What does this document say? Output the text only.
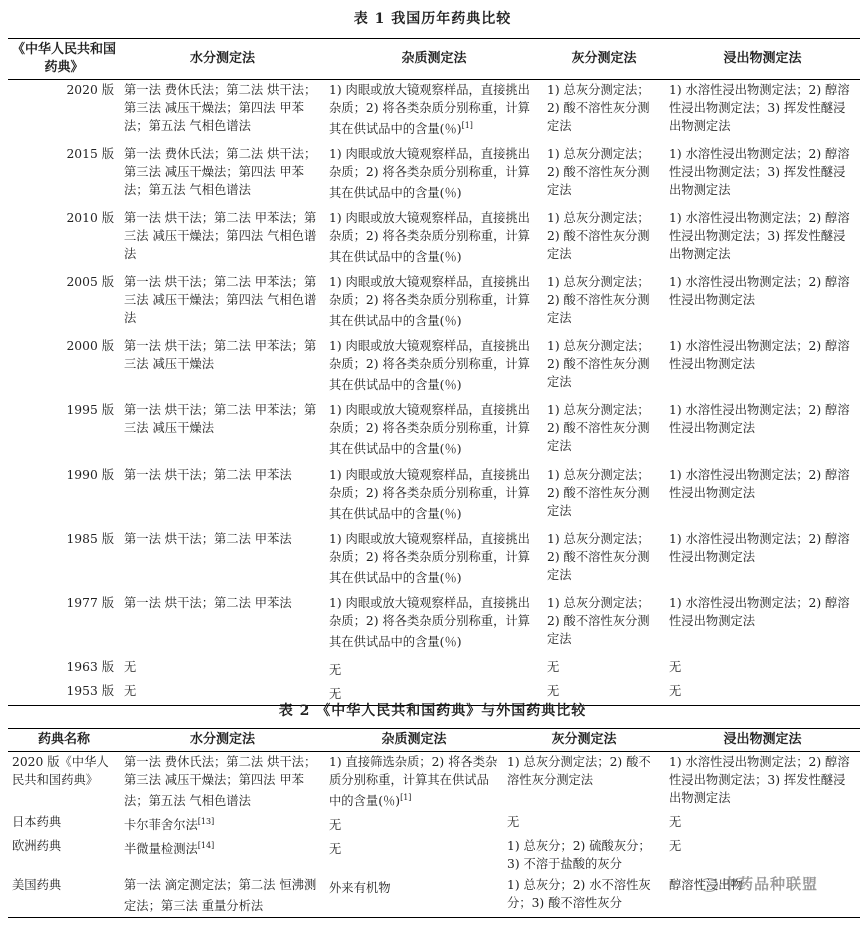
表 1 我国历年药典比较
《中华人民共和国药典》	水分测定法	杂质测定法	灰分测定法	浸出物测定法
2020 版	第一法 费休氏法；第二法 烘干法；第三法 减压干燥法；第四法 甲苯法；第五法 气相色谱法	1) 肉眼或放大镜观察样品，直接挑出杂质；2) 将各类杂质分别称重，计算其在供试品中的含量(％)[1]	1) 总灰分测定法；2) 酸不溶性灰分测定法	1) 水溶性浸出物测定法；2) 醇溶性浸出物测定法；3) 挥发性醚浸出物测定法
2015 版	第一法 费休氏法；第二法 烘干法；第三法 减压干燥法；第四法 甲苯法；第五法 气相色谱法	1) 肉眼或放大镜观察样品，直接挑出杂质；2) 将各类杂质分别称重，计算其在供试品中的含量(％)	1) 总灰分测定法；2) 酸不溶性灰分测定法	1) 水溶性浸出物测定法；2) 醇溶性浸出物测定法；3) 挥发性醚浸出物测定法
2010 版	第一法 烘干法；第二法 甲苯法；第三法 减压干燥法；第四法 气相色谱法	1) 肉眼或放大镜观察样品，直接挑出杂质；2) 将各类杂质分别称重，计算其在供试品中的含量(％)	1) 总灰分测定法；2) 酸不溶性灰分测定法	1) 水溶性浸出物测定法；2) 醇溶性浸出物测定法；3) 挥发性醚浸出物测定法
2005 版	第一法 烘干法；第二法 甲苯法；第三法 减压干燥法；第四法 气相色谱法	1) 肉眼或放大镜观察样品，直接挑出杂质；2) 将各类杂质分别称重，计算其在供试品中的含量(％)	1) 总灰分测定法；2) 酸不溶性灰分测定法	1) 水溶性浸出物测定法；2) 醇溶性浸出物测定法
2000 版	第一法 烘干法；第二法 甲苯法；第三法 减压干燥法	1) 肉眼或放大镜观察样品，直接挑出杂质；2) 将各类杂质分别称重，计算其在供试品中的含量(％)	1) 总灰分测定法；2) 酸不溶性灰分测定法	1) 水溶性浸出物测定法；2) 醇溶性浸出物测定法
1995 版	第一法 烘干法；第二法 甲苯法；第三法 减压干燥法	1) 肉眼或放大镜观察样品，直接挑出杂质；2) 将各类杂质分别称重，计算其在供试品中的含量(％)	1) 总灰分测定法；2) 酸不溶性灰分测定法	1) 水溶性浸出物测定法；2) 醇溶性浸出物测定法
1990 版	第一法 烘干法；第二法 甲苯法	1) 肉眼或放大镜观察样品，直接挑出杂质；2) 将各类杂质分别称重，计算其在供试品中的含量(％)	1) 总灰分测定法；2) 酸不溶性灰分测定法	1) 水溶性浸出物测定法；2) 醇溶性浸出物测定法
1985 版	第一法 烘干法；第二法 甲苯法	1) 肉眼或放大镜观察样品，直接挑出杂质；2) 将各类杂质分别称重，计算其在供试品中的含量(％)	1) 总灰分测定法；2) 酸不溶性灰分测定法	1) 水溶性浸出物测定法；2) 醇溶性浸出物测定法
1977 版	第一法 烘干法；第二法 甲苯法	1) 肉眼或放大镜观察样品，直接挑出杂质；2) 将各类杂质分别称重，计算其在供试品中的含量(％)	1) 总灰分测定法；2) 酸不溶性灰分测定法	1) 水溶性浸出物测定法；2) 醇溶性浸出物测定法
1963 版	无	无	无	无
1953 版	无	无	无	无
表 2 《中华人民共和国药典》与外国药典比较
药典名称	水分测定法	杂质测定法	灰分测定法	浸出物测定法
2020 版《中华人民共和国药典》	第一法 费休氏法；第二法 烘干法；第三法 减压干燥法；第四法 甲苯法；第五法 气相色谱法	1) 直接筛选杂质；2) 将各类杂质分别称重，计算其在供试品中的含量(％)[1]	1) 总灰分测定法；2) 酸不溶性灰分测定法	1) 水溶性浸出物测定法；2) 醇溶性浸出物测定法；3) 挥发性醚浸出物测定法
日本药典	卡尔菲舍尔法[13]	无	无	无
欧洲药典	半微量检测法[14]	无	1) 总灰分；2) 硫酸灰分；3) 不溶于盐酸的灰分	无
美国药典	第一法 滴定测定法；第二法 恒沸测定法；第三法 重量分析法	外来有机物	1) 总灰分；2) 水不溶性灰分；3) 酸不溶性灰分	醇溶性浸出物
中药品种联盟
